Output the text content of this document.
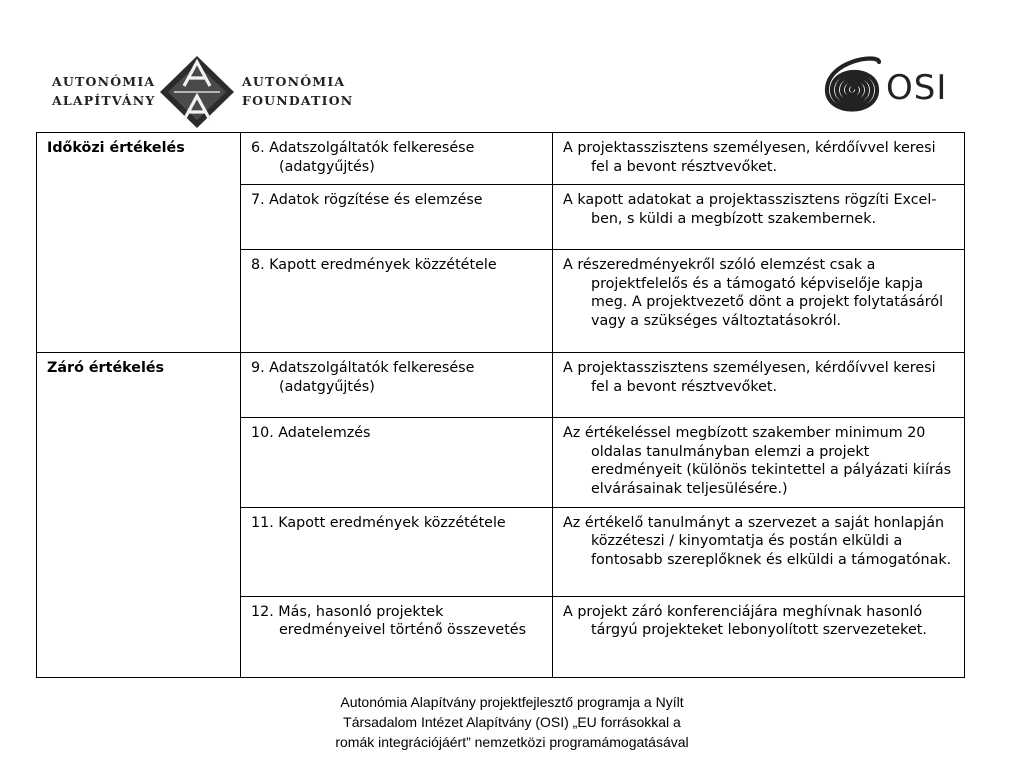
AUTONÓMIA
ALAPÍTVÁNY
AUTONÓMIA
FOUNDATION	OSI
Időközi értékelés	6. Adatszolgáltatók felkeresése (adatgyűjtés)	A projektasszisztens személyesen, kérdőívvel keresi fel a bevont résztvevőket.
	7. Adatok rögzítése és elemzése	A kapott adatokat a projektasszisztens rögzíti Excel-ben, s küldi a megbízott szakembernek.
	8. Kapott eredmények közzététele	A részeredményekről szóló elemzést csak a projektfelelős és a támogató képviselője kapja meg. A projektvezető dönt a projekt folytatásáról vagy a szükséges változtatásokról.
Záró értékelés	9. Adatszolgáltatók felkeresése (adatgyűjtés)	A projektasszisztens személyesen, kérdőívvel keresi fel a bevont résztvevőket.
	10. Adatelemzés	Az értékeléssel megbízott szakember minimum 20 oldalas tanulmányban elemzi a projekt eredményeit (különös tekintettel a pályázati kiírás elvárásainak teljesülésére.)
	11. Kapott eredmények közzététele	Az értékelő tanulmányt a szervezet a saját honlapján közzéteszi / kinyomtatja és postán elküldi a fontosabb szereplőknek és elküldi a támogatónak.
	12. Más, hasonló projektek eredményeivel történő összevetés	A projekt záró konferenciájára meghívnak hasonló tárgyú projekteket lebonyolított szervezeteket.
Autonómia Alapítvány projektfejlesztő programja a Nyílt
Társadalom Intézet Alapítvány (OSI) „EU forrásokkal a
romák integrációjáért” nemzetközi programámogatásával
